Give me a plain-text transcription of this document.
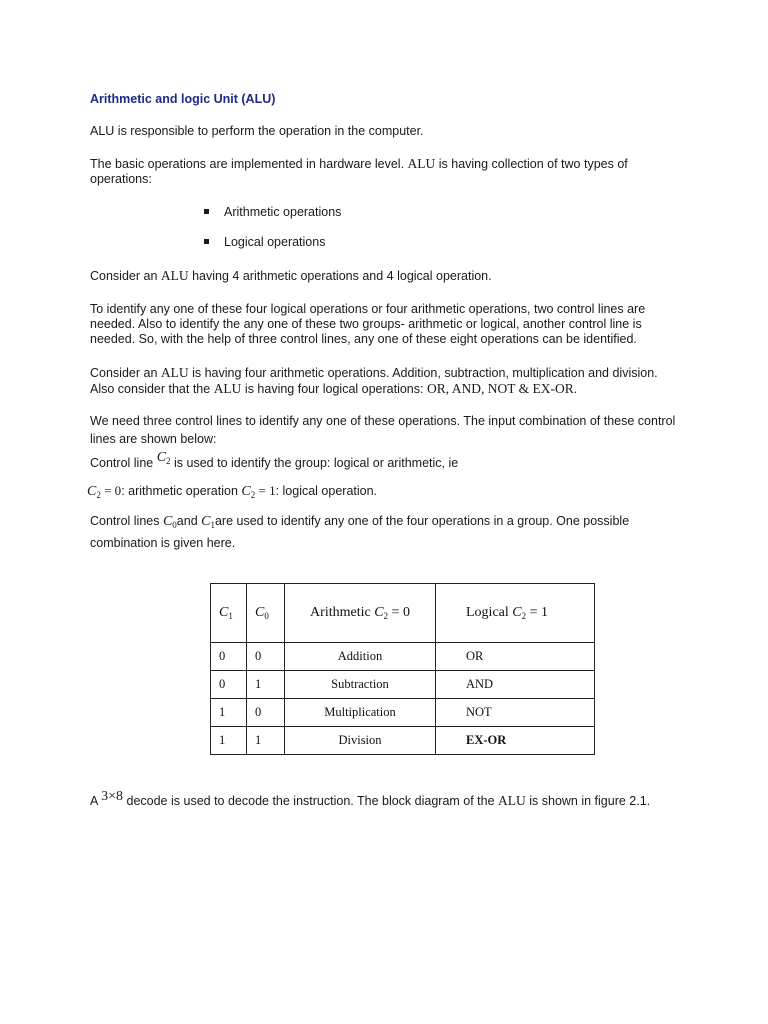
Arithmetic and logic Unit (ALU)
ALU is responsible to perform the operation in the computer.
The basic operations are implemented in hardware level. ALU is having collection of two types of operations:
Arithmetic operations
Logical operations
Consider an ALU having 4 arithmetic operations and 4 logical operation.
To identify any one of these four logical operations or four arithmetic operations, two control lines are needed. Also to identify the any one of these two groups- arithmetic or logical, another control line is needed. So, with the help of three control lines, any one of these eight operations can be identified.
Consider an ALU is having four arithmetic operations. Addition, subtraction, multiplication and division. Also consider that the ALU is having four logical operations: OR, AND, NOT & EX-OR.
We need three control lines to identify any one of these operations. The input combination of these control lines are shown below:
Control line $C_2$ is used to identify the group: logical or arithmetic, ie
$C_2 = 0$: arithmetic operation $C_2 = 1$: logical operation.
Control lines $C_0and$ $C_1are$ used to identify any one of the four operations in a group. One possible combination is given here.
A 3×8 decode is used to decode the instruction. The block diagram of the ALU is shown in figure 2.1.
$C_1$	$C_0$	Arithmetic $C_2 = 0$	Logical $C_2 = 1$
0	0	Addition	OR
0	1	Subtraction	AND
1	0	Multiplication	NOT
1	1	Division	EX-OR
